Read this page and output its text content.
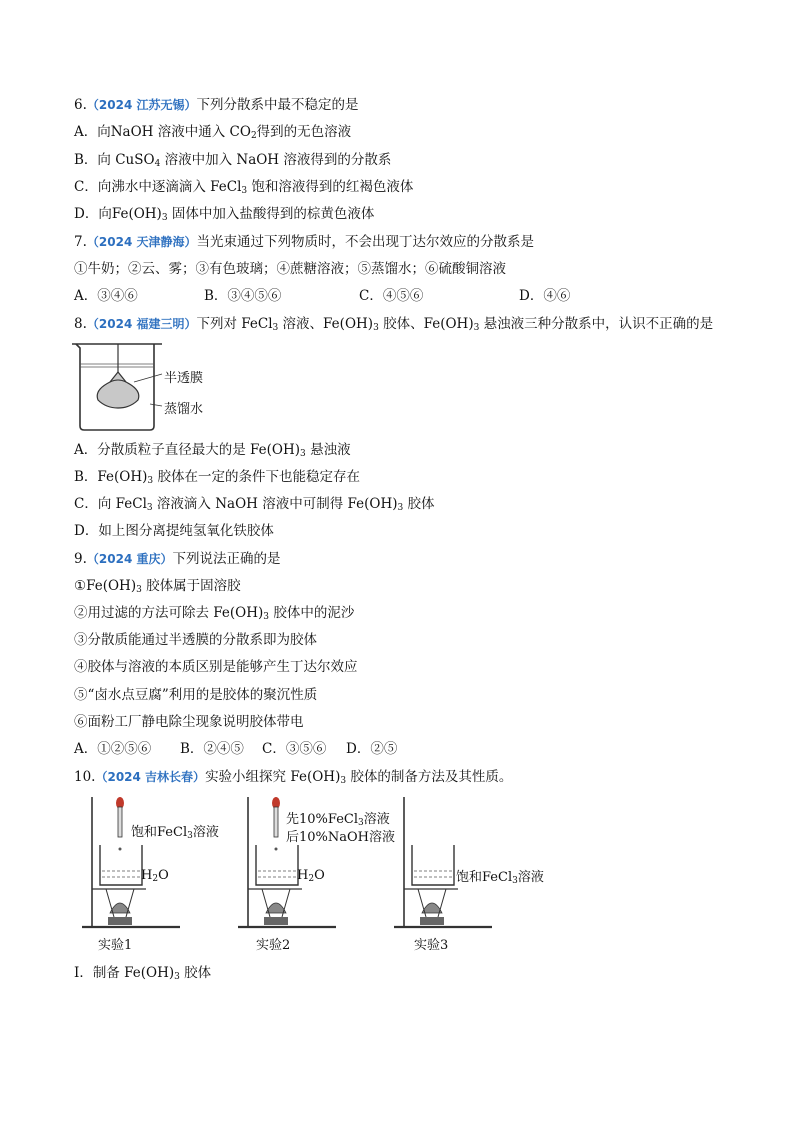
6.（2024 江苏无锡）下列分散系中最不稳定的是
A．向NaOH 溶液中通入 $CO_2$得到的无色溶液
B．向 CuSO$_4$ 溶液中加入 NaOH 溶液得到的分散系
C．向沸水中逐滴滴入 FeCl$_3$ 饱和溶液得到的红褐色液体
D．向$Fe(OH)_3$ 固体中加入盐酸得到的棕黄色液体
7.（2024 天津静海）当光束通过下列物质时，不会出现丁达尔效应的分散系是
①牛奶；②云、雾；③有色玻璃；④蔗糖溶液；⑤蒸馏水；⑥硫酸铜溶液
A．③④⑥	B．③④⑤⑥	C．④⑤⑥	D．④⑥
8.（2024 福建三明）下列对 FeCl$_3$ 溶液、$Fe(OH)_3$ 胶体、$Fe(OH)_3$ 悬浊液三种分散系中，认识不正确的是
半透膜
蒸馏水
A．分散质粒子直径最大的是 $Fe(OH)_3$ 悬浊液
B．$Fe(OH)_3$ 胶体在一定的条件下也能稳定存在
C．向 FeCl$_3$ 溶液滴入 NaOH 溶液中可制得 $Fe(OH)_3$ 胶体
D．如上图分离提纯氢氧化铁胶体
9.（2024 重庆）下列说法正确的是
$①Fe(OH)_3$ 胶体属于固溶胶
②用过滤的方法可除去 $Fe(OH)_3$ 胶体中的泥沙
③分散质能通过半透膜的分散系即为胶体
④胶体与溶液的本质区别是能够产生丁达尔效应
⑤“卤水点豆腐”利用的是胶体的聚沉性质
⑥面粉工厂静电除尘现象说明胶体带电
A．①②⑤⑥ B．②④⑤ C．③⑤⑥ D．②⑤
10.（2024 吉林长春）实验小组探究 $Fe(OH)_3$ 胶体的制备方法及其性质。
饱和FeCl$_3$溶液
$H_2O$
实验1
先10%FeCl$_3$溶液
后10%NaOH溶液
$H_2O$
实验2
饱和FeCl$_3$溶液
实验3
Ⅰ．制备 $Fe(OH)_3$ 胶体
